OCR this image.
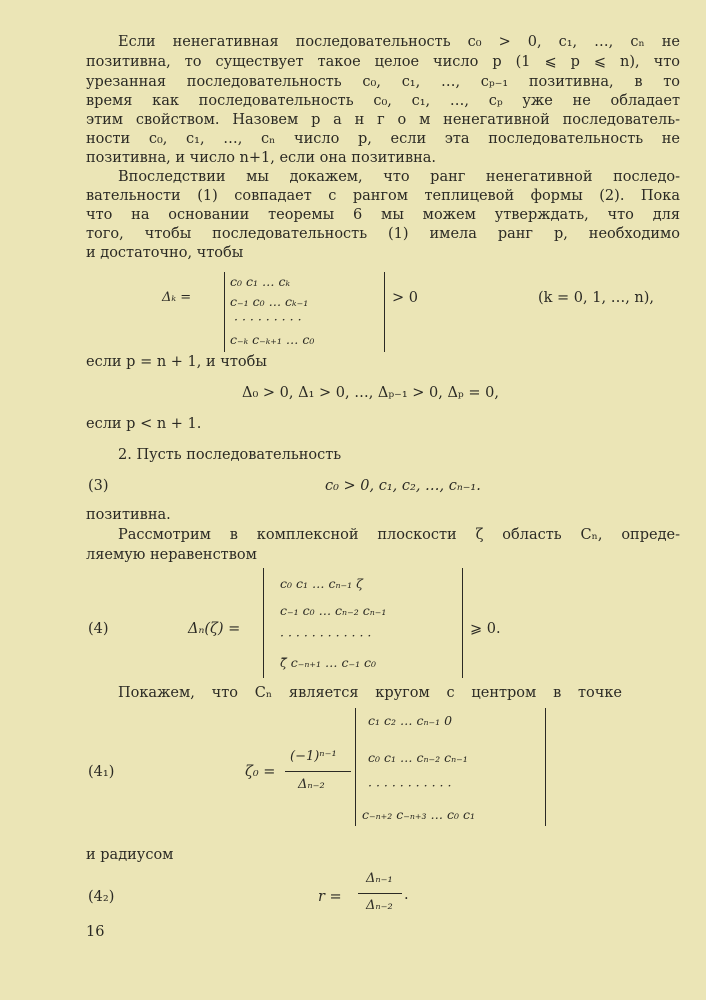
Если ненегативная последовательность c₀ > 0, c₁, …, cₙ не
позитивна, то существует такое целое число p (1 ⩽ p ⩽ n), что
урезанная последовательность c₀, c₁, …, cₚ₋₁ позитивна, в то
время как последовательность c₀, c₁, …, cₚ уже не обладает
этим свойством. Назовем р а н г о м ненегативной последователь-
ности c₀, c₁, …, cₙ число p, если эта последовательность не
позитивна, и число n+1, если она позитивна.
Впоследствии мы докажем, что ранг ненегативной последо-
вательности (1) совпадает с рангом теплицевой формы (2). Пока
что на основании теоремы 6 мы можем утверждать, что для
того, чтобы последовательность (1) имела ранг p, необходимо
и достаточно, чтобы
Δₖ =
c₀ c₁ … cₖ
c₋₁ c₀ … cₖ₋₁
· · · · · · · · ·
c₋ₖ c₋ₖ₊₁ … c₀
> 0	(k = 0, 1, …, n),
если p = n + 1, и чтобы
Δ₀ > 0, Δ₁ > 0, …, Δₚ₋₁ > 0, Δₚ = 0,
если p < n + 1.
2. Пусть последовательность
(3)	c₀ > 0, c₁, c₂, …, cₙ₋₁.
позитивна.
Рассмотрим в комплексной плоскости ζ область Cₙ, опреде-
ляемую неравенством
(4)	Δₙ(ζ) =
c₀ c₁ … cₙ₋₁ ζ
c₋₁ c₀ … cₙ₋₂ cₙ₋₁
· · · · · · · · · · · ·
ζ̄ c₋ₙ₊₁ … c₋₁ c₀
⩾ 0.
Покажем, что Cₙ является кругом с центром в точке
(4₁)	ζ₀ =
(−1)ⁿ⁻¹
Δₙ₋₂
c₁ c₂ … cₙ₋₁ 0
c₀ c₁ … cₙ₋₂ cₙ₋₁
· · · · · · · · · · ·
c₋ₙ₊₂ c₋ₙ₊₃ … c₀ c₁
и радиусом
(4₂)	r =
Δₙ₋₁
Δₙ₋₂
.
16
